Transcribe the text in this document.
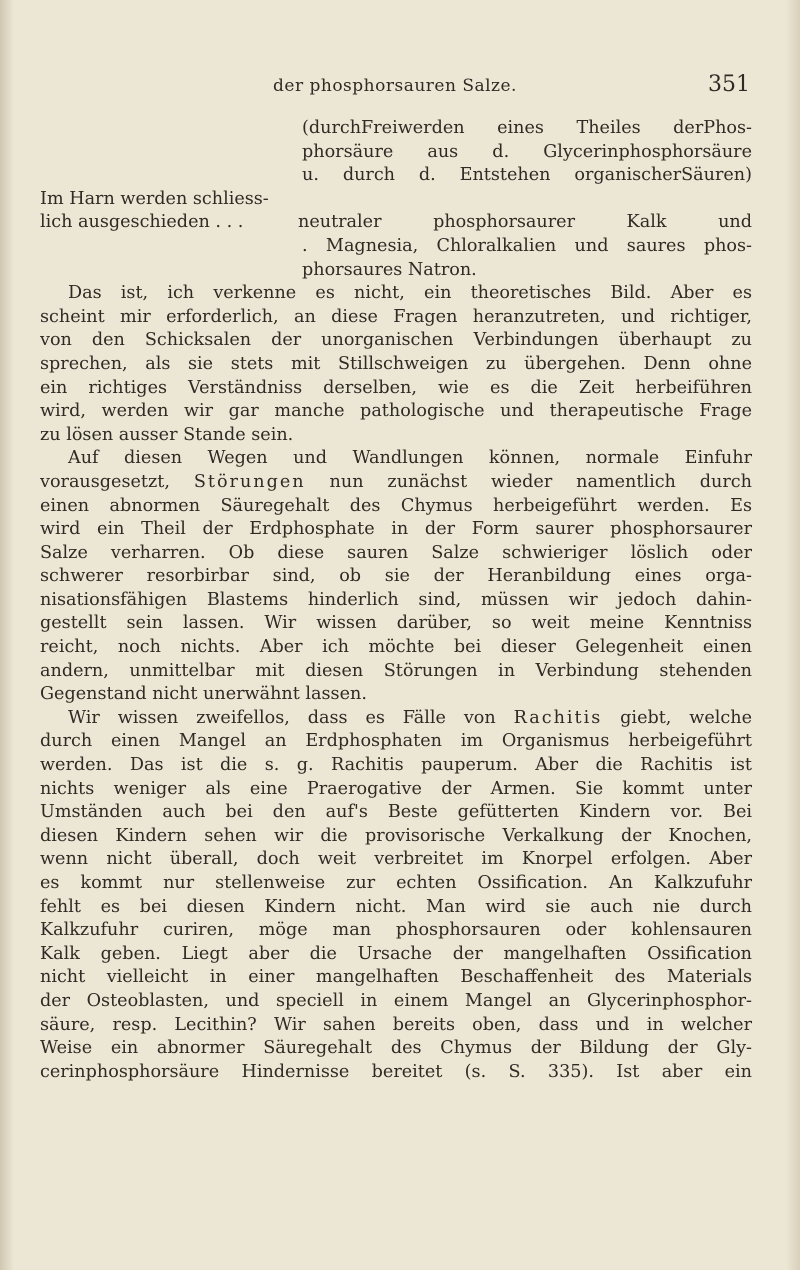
der phosphorsauren Salze.	351
(durchFreiwerden eines Theiles derPhos-
phorsäure aus d. Glycerinphosphorsäure
u. durch d. Entstehen organischerSäuren)
Im Harn werden schliess-
lich ausgeschieden . . .	neutraler phosphorsaurer Kalk und
. Magnesia, Chloralkalien und saures phos-
phorsaures Natron.
Das ist, ich verkenne es nicht, ein theoretisches Bild. Aber es
scheint mir erforderlich, an diese Fragen heranzutreten, und richtiger,
von den Schicksalen der unorganischen Verbindungen überhaupt zu
sprechen, als sie stets mit Stillschweigen zu übergehen. Denn ohne
ein richtiges Verständniss derselben, wie es die Zeit herbeiführen
wird, werden wir gar manche pathologische und therapeutische Frage
zu lösen ausser Stande sein.
Auf diesen Wegen und Wandlungen können, normale Einfuhr
vorausgesetzt, Störungen nun zunächst wieder namentlich durch
einen abnormen Säuregehalt des Chymus herbeigeführt werden. Es
wird ein Theil der Erdphosphate in der Form saurer phosphorsaurer
Salze verharren. Ob diese sauren Salze schwieriger löslich oder
schwerer resorbirbar sind, ob sie der Heranbildung eines orga-
nisationsfähigen Blastems hinderlich sind, müssen wir jedoch dahin-
gestellt sein lassen. Wir wissen darüber, so weit meine Kenntniss
reicht, noch nichts. Aber ich möchte bei dieser Gelegenheit einen
andern, unmittelbar mit diesen Störungen in Verbindung stehenden
Gegenstand nicht unerwähnt lassen.
Wir wissen zweifellos, dass es Fälle von Rachitis giebt, welche
durch einen Mangel an Erdphosphaten im Organismus herbeigeführt
werden. Das ist die s. g. Rachitis pauperum. Aber die Rachitis ist
nichts weniger als eine Praerogative der Armen. Sie kommt unter
Umständen auch bei den auf's Beste gefütterten Kindern vor. Bei
diesen Kindern sehen wir die provisorische Verkalkung der Knochen,
wenn nicht überall, doch weit verbreitet im Knorpel erfolgen. Aber
es kommt nur stellenweise zur echten Ossification. An Kalkzufuhr
fehlt es bei diesen Kindern nicht. Man wird sie auch nie durch
Kalkzufuhr curiren, möge man phosphorsauren oder kohlensauren
Kalk geben. Liegt aber die Ursache der mangelhaften Ossification
nicht vielleicht in einer mangelhaften Beschaffenheit des Materials
der Osteoblasten, und speciell in einem Mangel an Glycerinphosphor-
säure, resp. Lecithin? Wir sahen bereits oben, dass und in welcher
Weise ein abnormer Säuregehalt des Chymus der Bildung der Gly-
cerinphosphorsäure Hindernisse bereitet (s. S. 335). Ist aber ein
